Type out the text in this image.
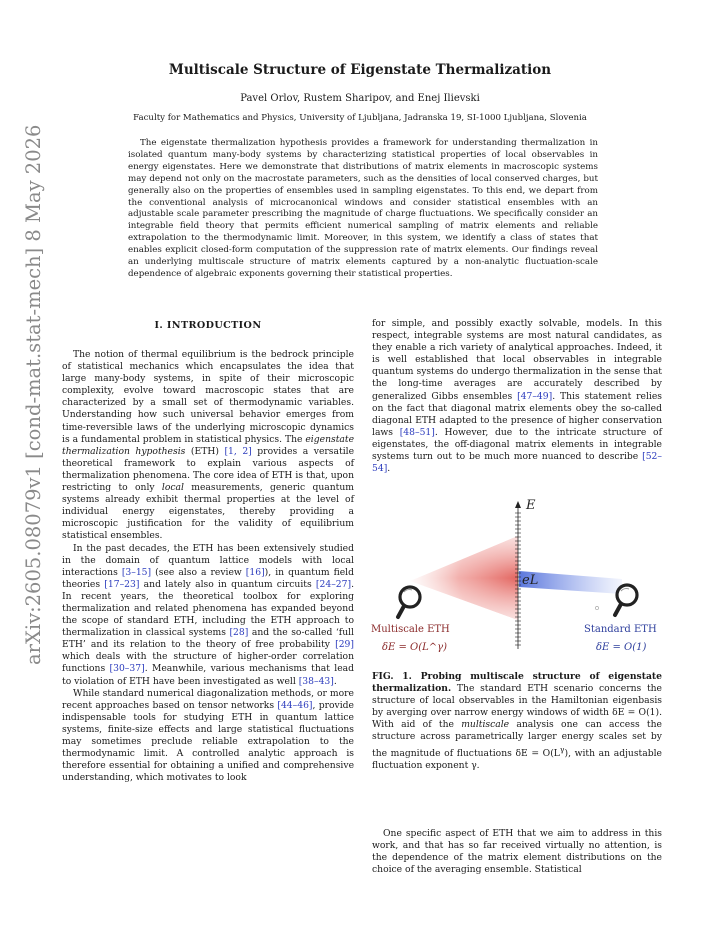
arXiv:2605.08079v1 [cond-mat.stat-mech] 8 May 2026
Multiscale Structure of Eigenstate Thermalization
Pavel Orlov, Rustem Sharipov, and Enej Ilievski
Faculty for Mathematics and Physics, University of Ljubljana, Jadranska 19, SI-1000 Ljubljana, Slovenia
The eigenstate thermalization hypothesis provides a framework for understanding thermalization in isolated quantum many-body systems by characterizing statistical properties of local observables in energy eigenstates. Here we demonstrate that distributions of matrix elements in macroscopic systems may depend not only on the macrostate parameters, such as the densities of local conserved charges, but generally also on the properties of ensembles used in sampling eigenstates. To this end, we depart from the conventional analysis of microcanonical windows and consider statistical ensembles with an adjustable scale parameter prescribing the magnitude of charge fluctuations. We specifically consider an integrable field theory that permits efficient numerical sampling of matrix elements and reliable extrapolation to the thermodynamic limit. Moreover, in this system, we identify a class of states that enables explicit closed-form computation of the suppression rate of matrix elements. Our findings reveal an underlying multiscale structure of matrix elements captured by a non-analytic fluctuation-scale dependence of algebraic exponents governing their statistical properties.
I. INTRODUCTION

The notion of thermal equilibrium is the bedrock principle of statistical mechanics which encapsulates the idea that large many-body systems, in spite of their microscopic complexity, evolve toward macroscopic states that are characterized by a small set of thermodynamic variables. Understanding how such universal behavior emerges from time-reversible laws of the underlying microscopic dynamics is a fundamental problem in statistical physics. The eigenstate thermalization hypothesis (ETH) [1, 2] provides a versatile theoretical framework to explain various aspects of thermalization phenomena. The core idea of ETH is that, upon restricting to only local measurements, generic quantum systems already exhibit thermal properties at the level of individual energy eigenstates, thereby providing a microscopic justification for the validity of equilibrium statistical ensembles.

In the past decades, the ETH has been extensively studied in the domain of quantum lattice models with local interactions [3–15] (see also a review [16]), in quantum field theories [17–23] and lately also in quantum circuits [24–27]. In recent years, the theoretical toolbox for exploring thermalization and related phenomena has expanded beyond the scope of standard ETH, including the ETH approach to thermalization in classical systems [28] and the so-called ‘full ETH’ and its relation to the theory of free probability [29] which deals with the structure of higher-order correlation functions [30–37]. Meanwhile, various mechanisms that lead to violation of ETH have been investigated as well [38–43].

While standard numerical diagonalization methods, or more recent approaches based on tensor networks [44–46], provide indispensable tools for studying ETH in quantum lattice systems, finite-size effects and large statistical fluctuations may sometimes preclude reliable extrapolation to the thermodynamic limit. A controlled analytic approach is therefore essential for obtaining a unified and comprehensive understanding, which motivates to look

for simple, and possibly exactly solvable, models. In this respect, integrable systems are most natural candidates, as they enable a rich variety of analytical approaches. Indeed, it is well established that local observables in integrable quantum systems do undergo thermalization in the sense that the long-time averages are accurately described by generalized Gibbs ensembles [47–49]. This statement relies on the fact that diagonal matrix elements obey the so-called diagonal ETH adapted to the presence of higher conservation laws [48–51]. However, due to the intricate structure of eigenstates, the off-diagonal matrix elements in integrable systems turn out to be much more nuanced to describe [52–54].

E
eL
Multiscale ETH
δE = O(L^γ)
Standard ETH
δE = O(1)
FIG. 1. Probing multiscale structure of eigenstate thermalization. The standard ETH scenario concerns the structure of local observables in the Hamiltonian eigenbasis by averging over narrow energy windows of width δE = O(1). With aid of the multiscale analysis one can access the structure across parametrically larger energy scales set by the magnitude of fluctuations $\delta E = O(L^\gamma)$, with an adjustable fluctuation exponent γ.

One specific aspect of ETH that we aim to address in this work, and that has so far received virtually no attention, is the dependence of the matrix element distributions on the choice of the averaging ensemble. Statistical
